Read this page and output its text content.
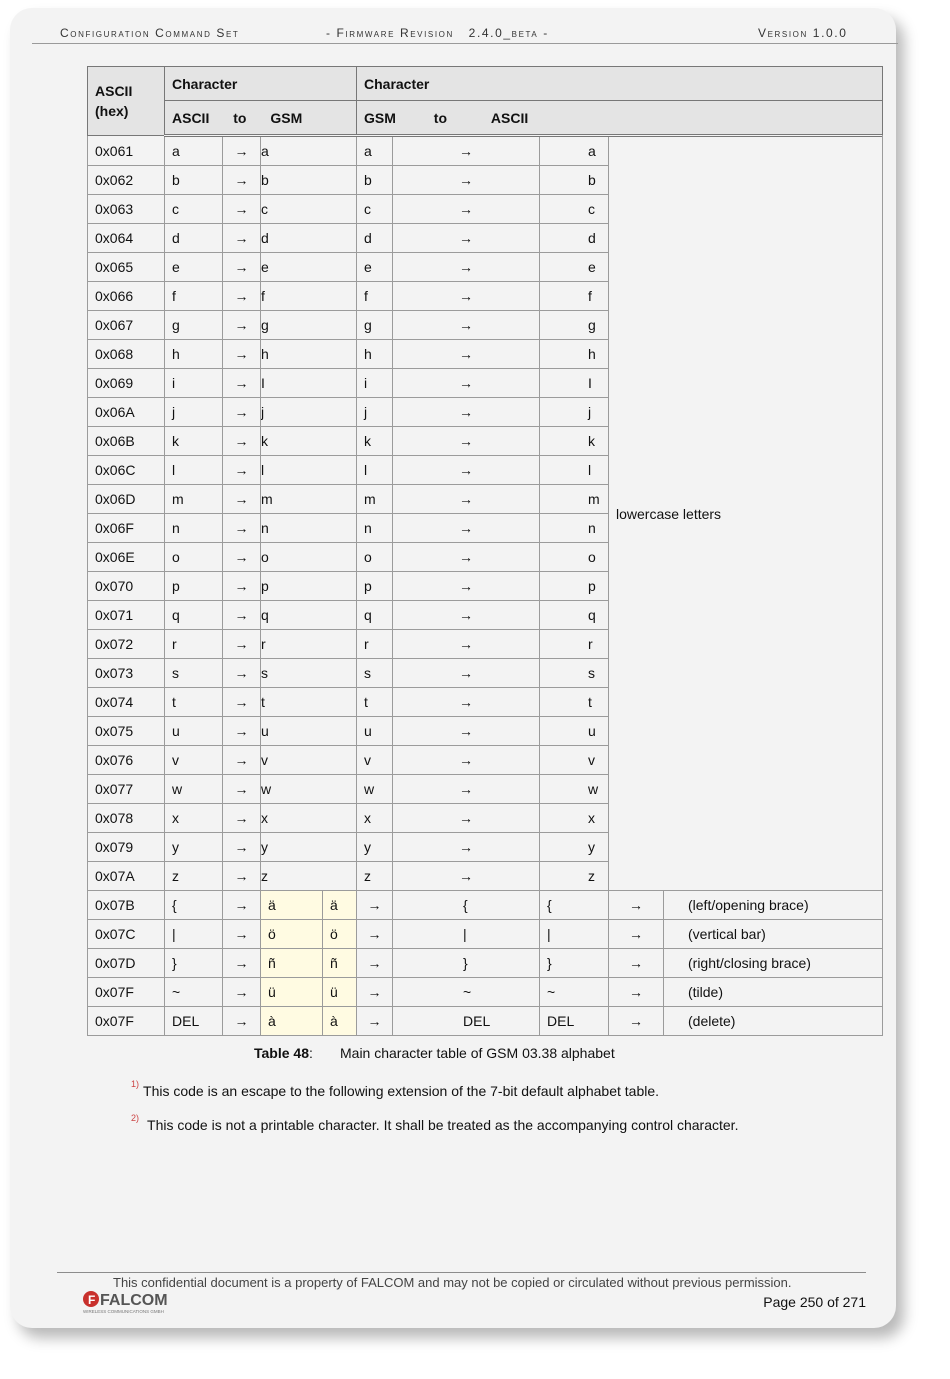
Configuration Command Set	- Firmware Revision   2.4.0_beta -	Version 1.0.0
ASCII
(hex)	Character				Character				
	ASCII to GSM				GSM to ASCII				
0x061	a	→	a		a	→	a	lowercase letters	
0x062	b	→	b		b	→	b		
0x063	c	→	c		c	→	c		
0x064	d	→	d		d	→	d		
0x065	e	→	e		e	→	e		
0x066	f	→	f		f	→	f		
0x067	g	→	g		g	→	g		
0x068	h	→	h		h	→	h		
0x069	i	→	I		i	→	I		
0x06A	j	→	j		j	→	j		
0x06B	k	→	k		k	→	k		
0x06C	l	→	l		l	→	l		
0x06D	m	→	m		m	→	m		
0x06F	n	→	n		n	→	n		
0x06E	o	→	o		o	→	o		
0x070	p	→	p		p	→	p		
0x071	q	→	q		q	→	q		
0x072	r	→	r		r	→	r		
0x073	s	→	s		s	→	s		
0x074	t	→	t		t	→	t		
0x075	u	→	u		u	→	u		
0x076	v	→	v		v	→	v		
0x077	w	→	w		w	→	w		
0x078	x	→	x		x	→	x		
0x079	y	→	y		y	→	y		
0x07A	z	→	z		z	→	z		
0x07B	{	→	ä	ä	→	{	{	→	(left/opening brace)
0x07C	|	→	ö	ö	→	|	|	→	(vertical bar)
0x07D	}	→	ñ	ñ	→	}	}	→	(right/closing brace)
0x07F	~	→	ü	ü	→	~	~	→	(tilde)
0x07F	DEL	→	à	à	→	DEL	DEL	→	(delete)
Table 48 : Main character table of GSM 03.38 alphabet
$^{1)}$ This code is an escape to the following extension of the 7-bit default alphabet table.
$^{2)}$ This code is not a printable character. It shall be treated as the accompanying control character.
This confidential document is a property of FALCOM and may not be copied or circulated without previous permission.
F FALCOM
WIRELESS COMMUNICATIONS GMBH
Page 250 of 271
